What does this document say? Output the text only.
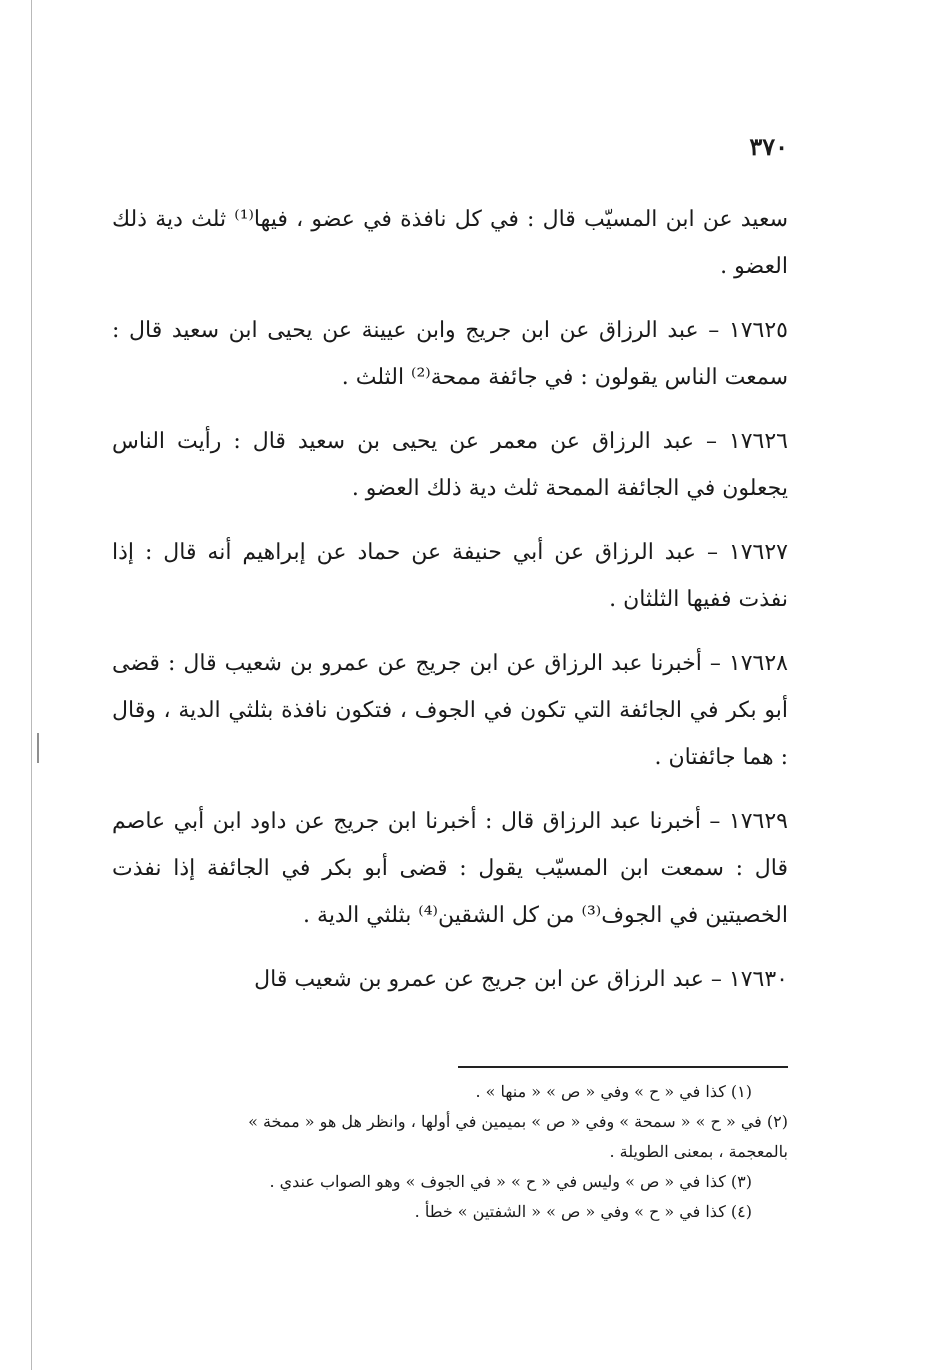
٣٧٠

سعيد عن ابن المسيّب قال : في كل نافذة في عضو ، فيها⁽¹⁾ ثلث دية ذلك العضو .

١٧٦٢٥ – عبد الرزاق عن ابن جريج وابن عيينة عن يحيى ابن سعيد قال : سمعت الناس يقولون : في جائفة ممحة⁽²⁾ الثلث .

١٧٦٢٦ – عبد الرزاق عن معمر عن يحيى بن سعيد قال : رأيت الناس يجعلون في الجائفة الممحة ثلث دية ذلك العضو .

١٧٦٢٧ – عبد الرزاق عن أبي حنيفة عن حماد عن إبراهيم أنه قال : إذا نفذت ففيها الثلثان .

١٧٦٢٨ – أخبرنا عبد الرزاق عن ابن جريج عن عمرو بن شعيب قال : قضى أبو بكر في الجائفة التي تكون في الجوف ، فتكون نافذة بثلثي الدية ، وقال : هما جائفتان .

١٧٦٢٩ – أخبرنا عبد الرزاق قال : أخبرنا ابن جريج عن داود ابن أبي عاصم قال : سمعت ابن المسيّب يقول : قضى أبو بكر في الجائفة إذا نفذت الخصيتين في الجوف⁽³⁾ من كل الشقين⁽⁴⁾ بثلثي الدية .

١٧٦٣٠ – عبد الرزاق عن ابن جريج عن عمرو بن شعيب قال

(١) كذا في « ح » وفي « ص » « منها » .

(٢) في « ح » « سمحة » وفي « ص » بميمين في أولها ، وانظر هل هو « ممخة »

بالمعجمة ، بمعنى الطويلة .

(٣) كذا في « ص » وليس في « ح » « في الجوف » وهو الصواب عندي .

(٤) كذا في « ح » وفي « ص » « الشفتين » خطأ .
